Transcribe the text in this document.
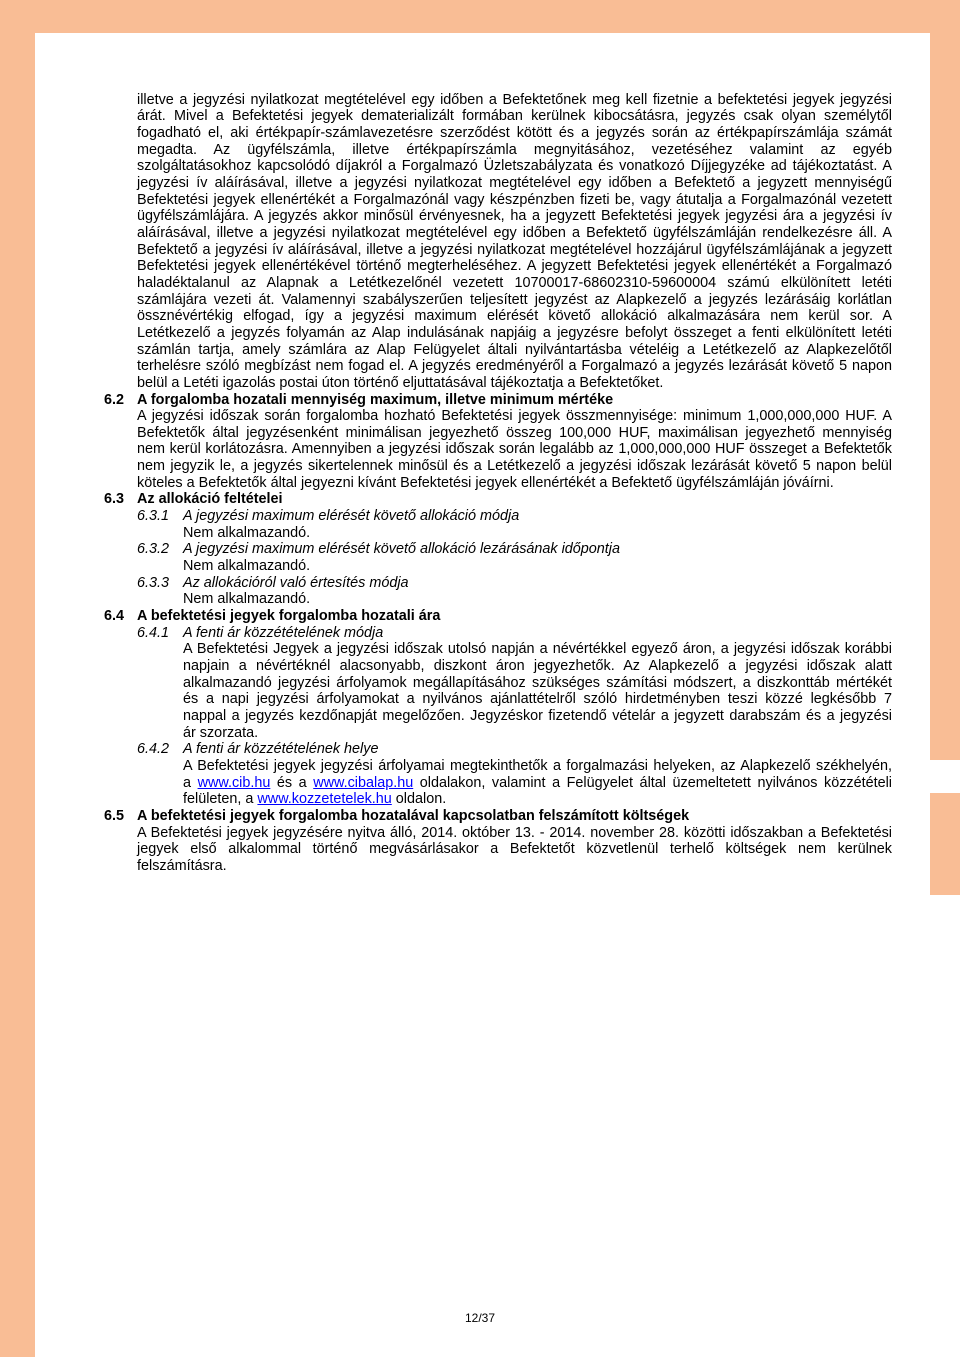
illetve a jegyzési nyilatkozat megtételével egy időben a Befektetőnek meg kell fizetnie a befektetési jegyek jegyzési
árát. Mivel a Befektetési jegyek dematerializált formában kerülnek kibocsátásra, jegyzés csak olyan személytől
fogadható el, aki értékpapír-számlavezetésre szerződést kötött és a jegyzés során az értékpapírszámlája számát
megadta. Az ügyfélszámla, illetve értékpapírszámla megnyitásához, vezetéséhez valamint az egyéb
szolgáltatásokhoz kapcsolódó díjakról a Forgalmazó Üzletszabályzata és vonatkozó Díjjegyzéke ad tájékoztatást. A
jegyzési ív aláírásával, illetve a jegyzési nyilatkozat megtételével egy időben a Befektető a jegyzett mennyiségű
Befektetési jegyek ellenértékét a Forgalmazónál vagy készpénzben fizeti be, vagy átutalja a Forgalmazónál vezetett
ügyfélszámlájára. A jegyzés akkor minősül érvényesnek, ha a jegyzett Befektetési jegyek jegyzési ára a jegyzési ív
aláírásával, illetve a jegyzési nyilatkozat megtételével egy időben a Befektető ügyfélszámláján rendelkezésre áll. A
Befektető a jegyzési ív aláírásával, illetve a jegyzési nyilatkozat megtételével hozzájárul ügyfélszámlájának a jegyzett
Befektetési jegyek ellenértékével történő megterheléséhez. A jegyzett Befektetési jegyek ellenértékét a Forgalmazó
haladéktalanul az Alapnak a Letétkezelőnél vezetett 10700017-68602310-59600004 számú elkülönített letéti
számlájára vezeti át. Valamennyi szabályszerűen teljesített jegyzést az Alapkezelő a jegyzés lezárásáig korlátlan
össznévértékig elfogad, így a jegyzési maximum elérését követő allokáció alkalmazására nem kerül sor. A
Letétkezelő a jegyzés folyamán az Alap indulásának napjáig a jegyzésre befolyt összeget a fenti elkülönített letéti
számlán tartja, amely számlára az Alap Felügyelet általi nyilvántartásba vételéig a Letétkezelő az Alapkezelőtől
terhelésre szóló megbízást nem fogad el. A jegyzés eredményéről a Forgalmazó a jegyzés lezárását követő 5 napon
belül a Letéti igazolás postai úton történő eljuttatásával tájékoztatja a Befektetőket.
6.2 A forgalomba hozatali mennyiség maximum, illetve minimum mértéke
A jegyzési időszak során forgalomba hozható Befektetési jegyek összmennyisége: minimum 1,000,000,000 HUF. A
Befektetők által jegyzésenként minimálisan jegyezhető összeg 100,000 HUF, maximálisan jegyezhető mennyiség
nem kerül korlátozásra. Amennyiben a jegyzési időszak során legalább az 1,000,000,000 HUF összeget a Befektetők
nem jegyzik le, a jegyzés sikertelennek minősül és a Letétkezelő a jegyzési időszak lezárását követő 5 napon belül
köteles a Befektetők által jegyezni kívánt Befektetési jegyek ellenértékét a Befektető ügyfélszámláján jóváírni.
6.3 Az allokáció feltételei
6.3.1 A jegyzési maximum elérését követő allokáció módja
Nem alkalmazandó.
6.3.2 A jegyzési maximum elérését követő allokáció lezárásának időpontja
Nem alkalmazandó.
6.3.3 Az allokációról való értesítés módja
Nem alkalmazandó.
6.4 A befektetési jegyek forgalomba hozatali ára
6.4.1 A fenti ár közzétételének módja
A Befektetési Jegyek a jegyzési időszak utolsó napján a névértékkel egyező áron, a jegyzési időszak korábbi
napjain a névértéknél alacsonyabb, diszkont áron jegyezhetők. Az Alapkezelő a jegyzési időszak alatt
alkalmazandó jegyzési árfolyamok megállapításához szükséges számítási módszert, a diszkonttáb mértékét
és a napi jegyzési árfolyamokat a nyilvános ajánlattételről szóló hirdetményben teszi közzé legkésőbb 7
nappal a jegyzés kezdőnapját megelőzően. Jegyzéskor fizetendő vételár a jegyzett darabszám és a jegyzési
ár szorzata.
6.4.2 A fenti ár közzétételének helye
A Befektetési jegyek jegyzési árfolyamai megtekinthetők a forgalmazási helyeken, az Alapkezelő székhelyén,
a www.cib.hu és a www.cibalap.hu oldalakon, valamint a Felügyelet által üzemeltetett nyilvános közzétételi
felületen, a www.kozzetetelek.hu oldalon.
6.5 A befektetési jegyek forgalomba hozatalával kapcsolatban felszámított költségek
A Befektetési jegyek jegyzésére nyitva álló, 2014. október 13. - 2014. november 28. közötti időszakban a Befektetési
jegyek első alkalommal történő megvásárlásakor a Befektetőt közvetlenül terhelő költségek nem kerülnek
felszámításra.
12/37
